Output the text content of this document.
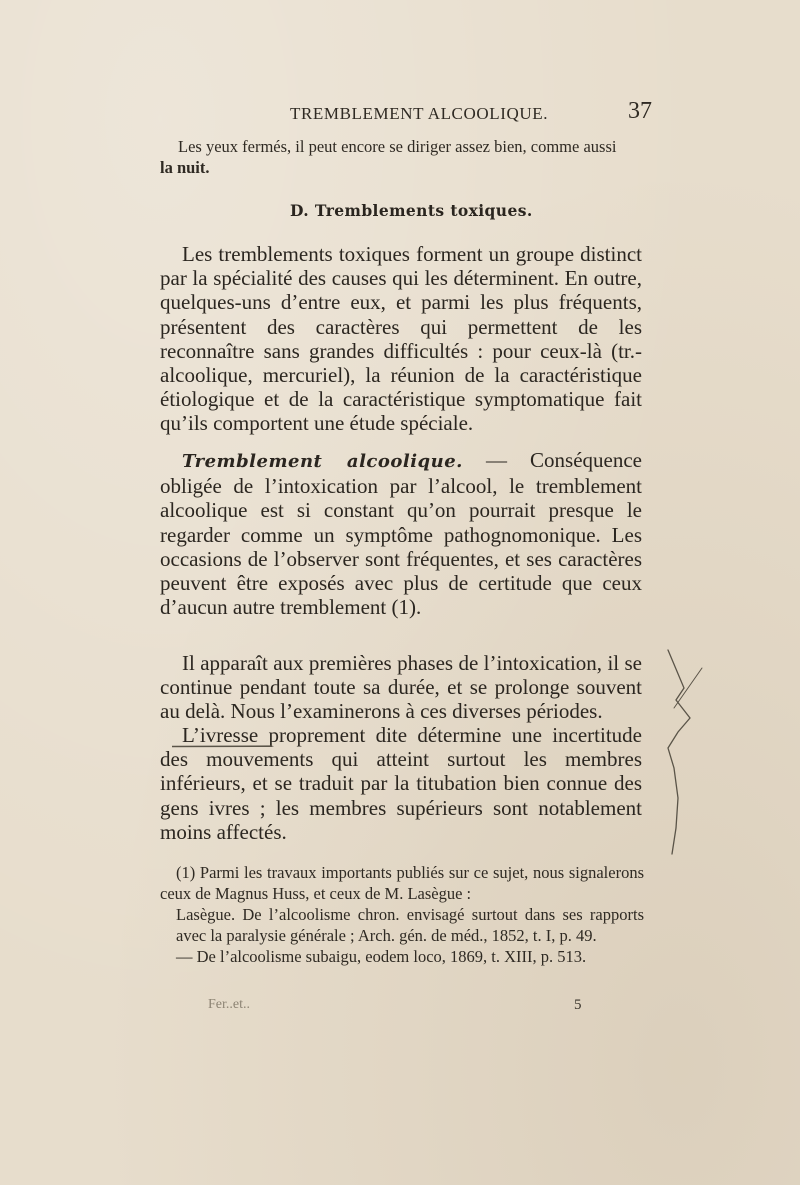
TREMBLEMENT ALCOOLIQUE.	37

Les yeux fermés, il peut encore se diriger assez bien, comme aussi

la nuit.
D. Tremblements toxiques.

Les tremblements toxiques forment un groupe distinct par la spécialité des causes qui les déterminent. En outre, quelques-uns d’entre eux, et parmi les plus fréquents, présentent des caractères qui permettent de les reconnaître sans grandes difficultés : pour ceux-là (tr.-alcoolique, mercuriel), la réunion de la caractéristique étiologique et de la caractéristique symptomatique fait qu’ils comportent une étude spéciale.

Tremblement alcoolique. — Conséquence obligée de l’intoxication par l’alcool, le tremblement alcoolique est si constant qu’on pourrait presque le regarder comme un symptôme pathognomonique. Les occasions de l’observer sont fréquentes, et ses caractères peuvent être exposés avec plus de certitude que ceux d’aucun autre tremblement (1).

Il apparaît aux premières phases de l’intoxication, il se continue pendant toute sa durée, et se prolonge souvent au delà. Nous l’examinerons à ces diverses périodes.

L’ivresse proprement dite détermine une incertitude des mouvements qui atteint surtout les membres inférieurs, et se traduit par la titubation bien connue des gens ivres ; les membres supérieurs sont notablement moins affectés.

(1) Parmi les travaux importants publiés sur ce sujet, nous signalerons ceux de Magnus Huss, et ceux de M. Lasègue :

Lasègue. De l’alcoolisme chron. envisagé surtout dans ses rapports avec la paralysie générale ; Arch. gén. de méd., 1852, t. I, p. 49.

— De l’alcoolisme subaigu, eodem loco, 1869, t. XIII, p. 513.

Fer..et..	5
